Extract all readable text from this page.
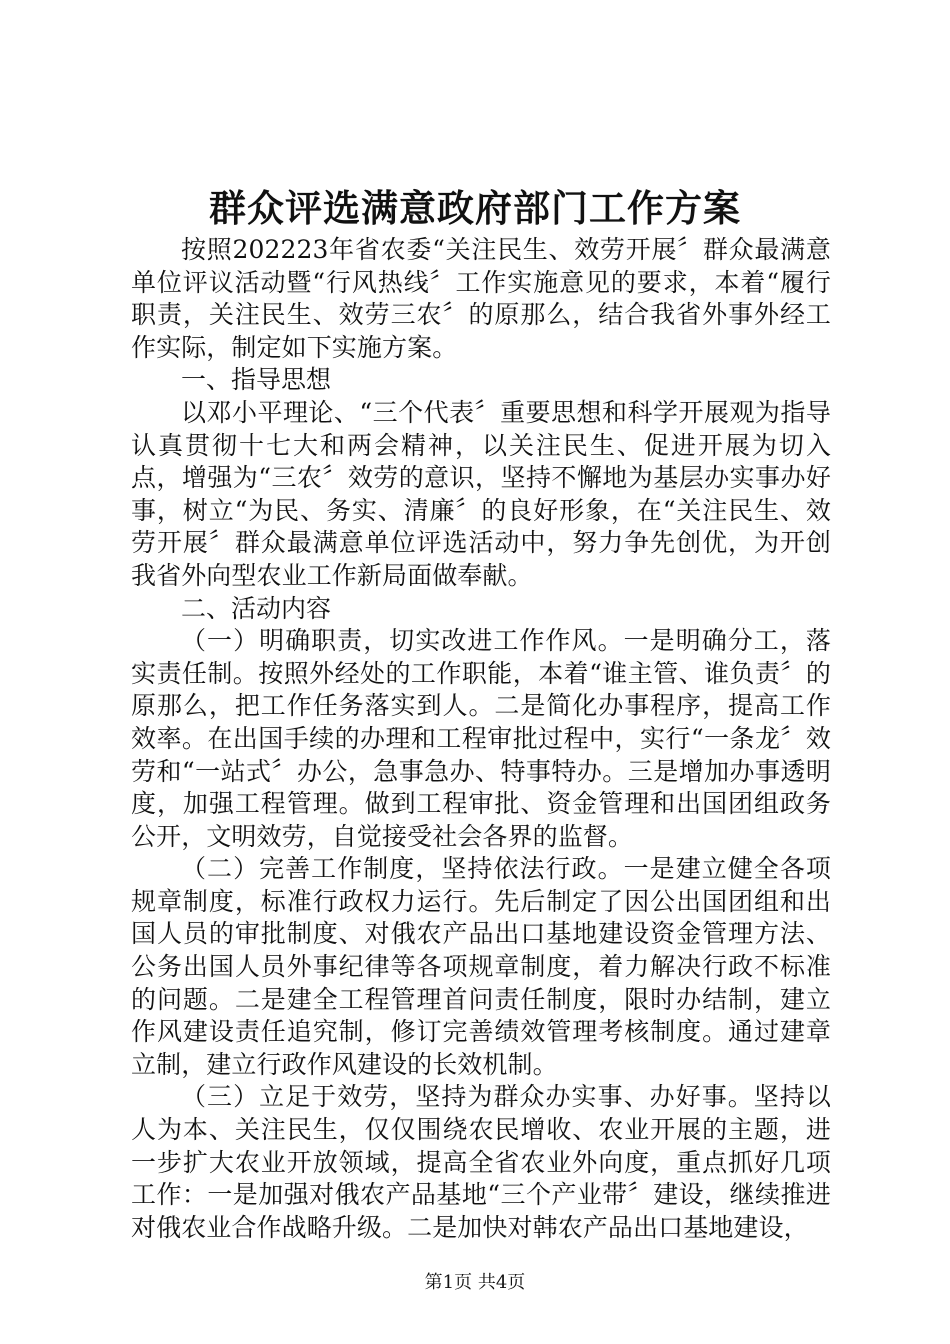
群众评选满意政府部门工作方案

按照202223年省农委“关注民生、效劳开展〞群众最满意单位评议活动暨“行风热线〞工作实施意见的要求，本着“履行职责，关注民生、效劳三农〞的原那么，结合我省外事外经工作实际，制定如下实施方案。

一、指导思想

以邓小平理论、“三个代表〞重要思想和科学开展观为指导认真贯彻十七大和两会精神，以关注民生、促进开展为切入点，增强为“三农〞效劳的意识，坚持不懈地为基层办实事办好事，树立“为民、务实、清廉〞的良好形象，在“关注民生、效劳开展〞群众最满意单位评选活动中，努力争先创优，为开创我省外向型农业工作新局面做奉献。

二、活动内容

（一）明确职责，切实改进工作作风。一是明确分工，落实责任制。按照外经处的工作职能，本着“谁主管、谁负责〞的原那么，把工作任务落实到人。二是简化办事程序，提高工作效率。在出国手续的办理和工程审批过程中，实行“一条龙〞效劳和“一站式〞办公，急事急办、特事特办。三是增加办事透明度，加强工程管理。做到工程审批、资金管理和出国团组政务公开，文明效劳，自觉接受社会各界的监督。

（二）完善工作制度，坚持依法行政。一是建立健全各项规章制度，标准行政权力运行。先后制定了因公出国团组和出国人员的审批制度、对俄农产品出口基地建设资金管理方法、公务出国人员外事纪律等各项规章制度，着力解决行政不标准的问题。二是建全工程管理首问责任制度，限时办结制，建立作风建设责任追究制，修订完善绩效管理考核制度。通过建章立制，建立行政作风建设的长效机制。

（三）立足于效劳，坚持为群众办实事、办好事。坚持以人为本、关注民生，仅仅围绕农民增收、农业开展的主题，进一步扩大农业开放领域，提高全省农业外向度，重点抓好几项工作：一是加强对俄农产品基地“三个产业带〞建设，继续推进对俄农业合作战略升级。二是加快对韩农产品出口基地建设，

第1页 共4页
